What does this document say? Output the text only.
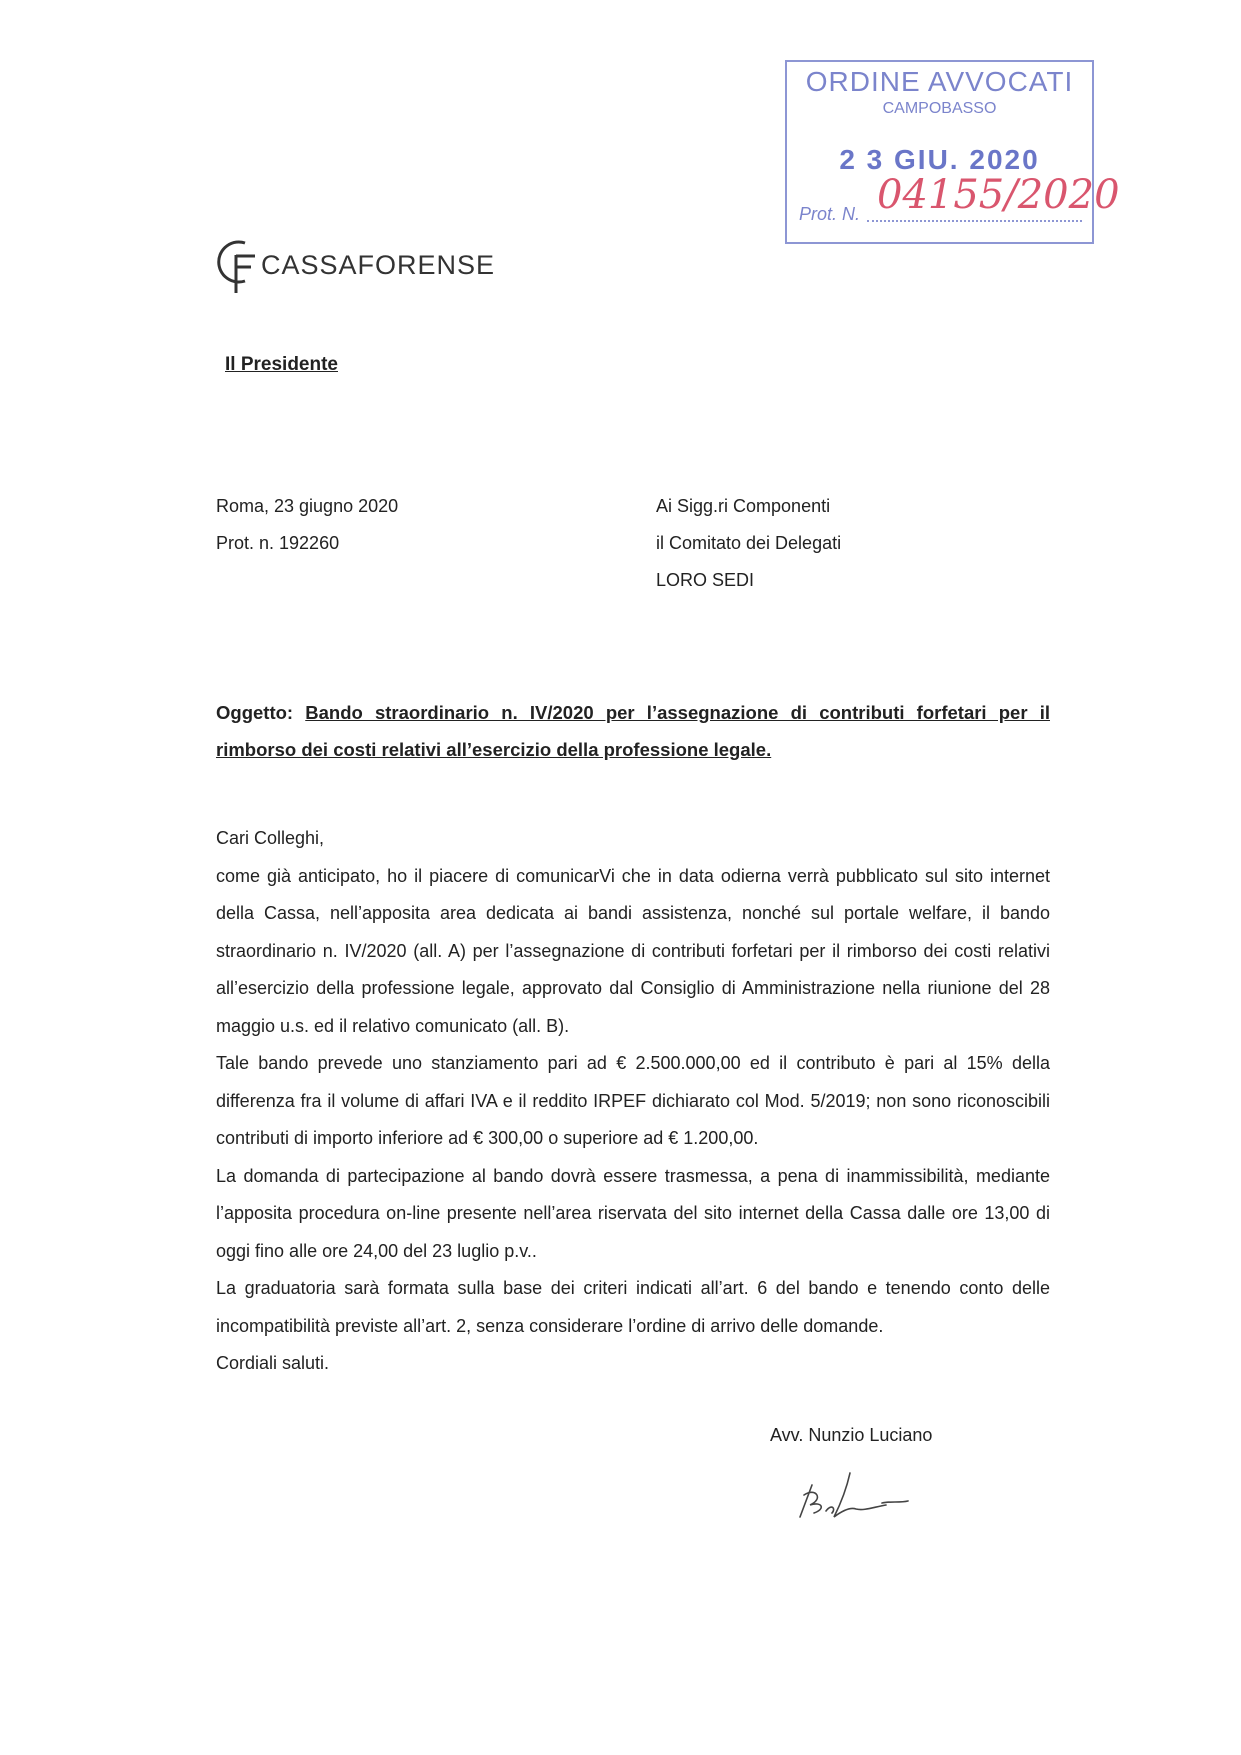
ORDINE AVVOCATI
CAMPOBASSO
2 3 GIU. 2020
Prot. N. 04155/2020
CASSAFORENSE
Il Presidente
Roma, 23 giugno 2020
Prot. n. 192260
Ai Sigg.ri Componenti
il Comitato dei Delegati
LORO SEDI
Oggetto: Bando straordinario n. IV/2020 per l’assegnazione di contributi forfetari per il rimborso dei costi relativi all’esercizio della professione legale.

Cari Colleghi,

come già anticipato, ho il piacere di comunicarVi che in data odierna verrà pubblicato sul sito internet della Cassa, nell’apposita area dedicata ai bandi assistenza, nonché sul portale welfare, il bando straordinario n. IV/2020 (all. A) per l’assegnazione di contributi forfetari per il rimborso dei costi relativi all’esercizio della professione legale, approvato dal Consiglio di Amministrazione nella riunione del 28 maggio u.s. ed il relativo comunicato (all. B).

Tale bando prevede uno stanziamento pari ad € 2.500.000,00 ed il contributo è pari al 15% della differenza fra il volume di affari IVA e il reddito IRPEF dichiarato col Mod. 5/2019; non sono riconoscibili contributi di importo inferiore ad € 300,00 o superiore ad € 1.200,00.

La domanda di partecipazione al bando dovrà essere trasmessa, a pena di inammissibilità, mediante l’apposita procedura on-line presente nell’area riservata del sito internet della Cassa dalle ore 13,00 di oggi fino alle ore 24,00 del 23 luglio p.v..

La graduatoria sarà formata sulla base dei criteri indicati all’art. 6 del bando e tenendo conto delle incompatibilità previste all’art. 2, senza considerare l’ordine di arrivo delle domande.

Cordiali saluti.

Avv. Nunzio Luciano
